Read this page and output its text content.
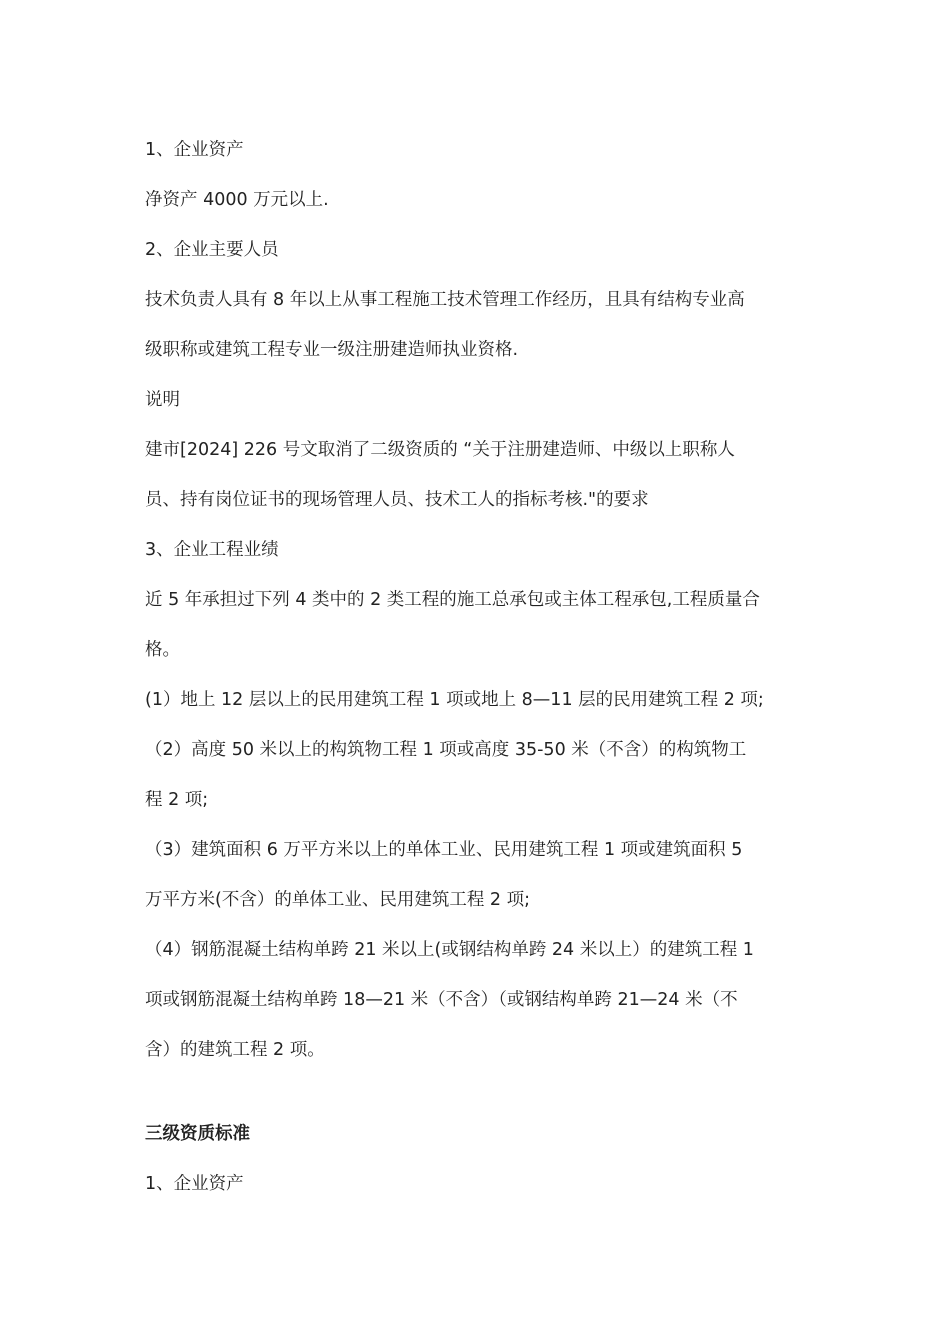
1、企业资产
净资产 4000 万元以上.
2、企业主要人员
技术负责人具有 8 年以上从事工程施工技术管理工作经历，且具有结构专业高
级职称或建筑工程专业一级注册建造师执业资格.
说明
建市[2024] 226 号文取消了二级资质的 “关于注册建造师、中级以上职称人
员、持有岗位证书的现场管理人员、技术工人的指标考核."的要求
3、企业工程业绩
近 5 年承担过下列 4 类中的 2 类工程的施工总承包或主体工程承包,工程质量合
格。
(1）地上 12 层以上的民用建筑工程 1 项或地上 8—11 层的民用建筑工程 2 项;
（2）高度 50 米以上的构筑物工程 1 项或高度 35-50 米（不含）的构筑物工
程 2 项;
（3）建筑面积 6 万平方米以上的单体工业、民用建筑工程 1 项或建筑面积 5
万平方米(不含）的单体工业、民用建筑工程 2 项;
（4）钢筋混凝土结构单跨 21 米以上(或钢结构单跨 24 米以上）的建筑工程 1
项或钢筋混凝土结构单跨 18—21 米（不含）（或钢结构单跨 21—24 米（不
含）的建筑工程 2 项。
三级资质标准
1、企业资产
